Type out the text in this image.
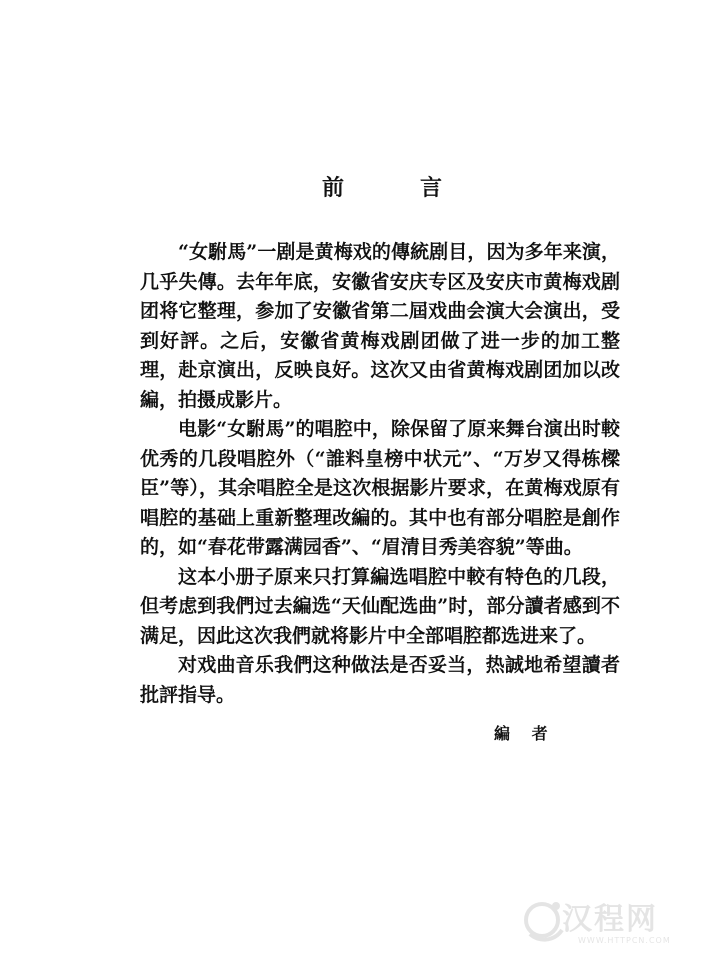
前	言

“女駙馬”一剧是黄梅戏的傳統剧目，因为多年来演，几乎失傳。去年年底，安徽省安庆专区及安庆市黄梅戏剧团将它整理，参加了安徽省第二屆戏曲会演大会演出，受到好評。之后，安徽省黄梅戏剧团做了进一步的加工整理，赴京演出，反映良好。这次又由省黄梅戏剧团加以改編，拍摄成影片。

电影“女駙馬”的唱腔中，除保留了原来舞台演出时較优秀的几段唱腔外（“誰料皇榜中状元”、“万岁又得栋樑臣”等），其余唱腔全是这次根据影片要求，在黄梅戏原有唱腔的基础上重新整理改編的。其中也有部分唱腔是創作的，如“春花带露满园香”、“眉清目秀美容貌”等曲。

这本小册子原来只打算編选唱腔中較有特色的几段，但考虑到我們过去編选“天仙配选曲”时，部分讀者感到不满足，因此这次我們就将影片中全部唱腔都选进来了。

对戏曲音乐我們这种做法是否妥当，热誠地希望讀者批評指导。

編 者
汉程网
WWW.HTTPCN.COM
